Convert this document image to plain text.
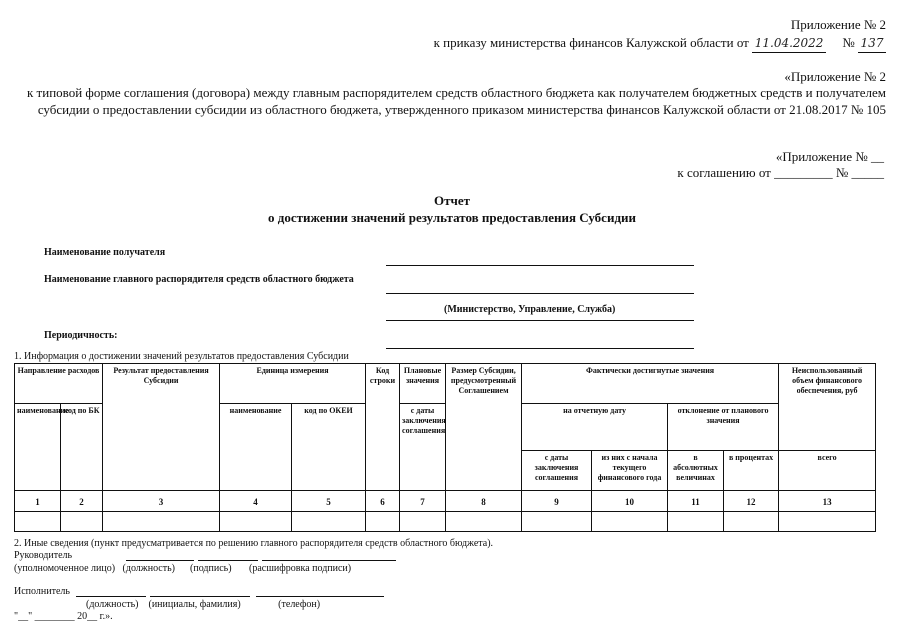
Приложение № 2
к приказу министерства финансов Калужской области от 11.04.2022 № 137
«Приложение № 2
к типовой форме соглашения (договора) между главным распорядителем средств областного бюджета как получателем бюджетных средств и получателем субсидии о предоставлении субсидии из областного бюджета, утвержденного приказом министерства финансов Калужской области от 21.08.2017 № 105
«Приложение № __
к соглашению от _________ № _____
Отчет
о достижении значений результатов предоставления Субсидии
Наименование получателя
Наименование главного распорядителя средств областного бюджета
(Министерство, Управление, Служба)
Периодичность:
1. Информация о достижении значений результатов предоставления Субсидии
Направление расходов		Результат предоставления Субсидии	Единица измерения		Код строки	Плановые значения	Размер Субсидии, предусмотренный Соглашением	Фактически достигнутые значения				Неиспользованный объем финансового обеспечения, руб
наименование	код по БК		наименование	код по ОКЕИ		с даты заключения соглашения		на отчетную дату		отклонение от планового значения		
								с даты заключения соглашения	из них с начала текущего финансового года	в абсолютных величинах	в процентах	всего
1	2	3	4	5	6	7	8	9	10	11	12	13

2. Иные сведения (пункт предусматривается по решению главного распорядителя средств областного бюджета).
Руководитель
(уполномоченное лицо)   (должность)      (подпись)       (расшифровка подписи)
Исполнитель
(должность)    (инициалы, фамилия)               (телефон)
"__" ________ 20__ г.».
